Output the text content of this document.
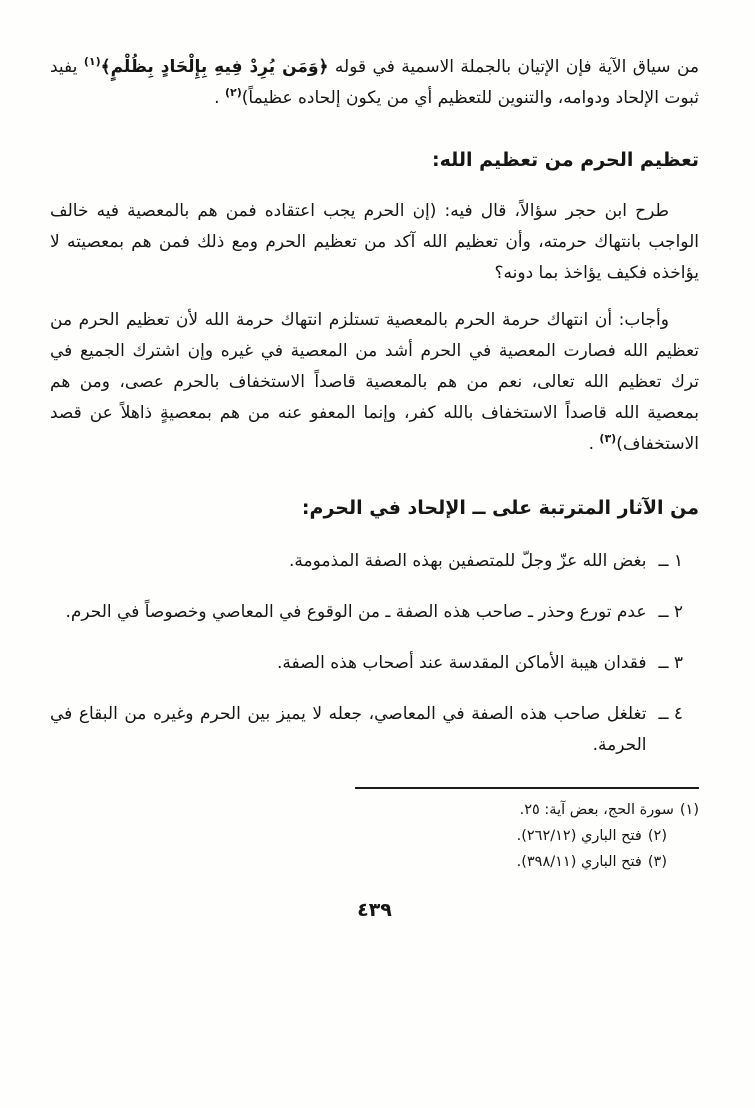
من سياق الآية فإن الإتيان بالجملة الاسمية في قوله ﴿وَمَن يُرِدْ فِيهِ بِإِلْحَادٍ بِظُلْمٍ﴾$^{(١)}$ يفيد ثبوت الإلحاد ودوامه، والتنوين للتعظيم أي من يكون إلحاده عظيماً)$^{(٢)}$ .

تعظيم الحرم من تعظيم الله:

طرح ابن حجر سؤالاً، قال فيه: (إن الحرم يجب اعتقاده فمن هم بالمعصية فيه خالف الواجب بانتهاك حرمته، وأن تعظيم الله آكد من تعظيم الحرم ومع ذلك فمن هم بمعصيته لا يؤاخذه فكيف يؤاخذ بما دونه؟

وأجاب: أن انتهاك حرمة الحرم بالمعصية تستلزم انتهاك حرمة الله لأن تعظيم الحرم من تعظيم الله فصارت المعصية في الحرم أشد من المعصية في غيره وإن اشترك الجميع في ترك تعظيم الله تعالى، نعم من هم بالمعصية قاصداً الاستخفاف بالحرم عصى، ومن هم بمعصية الله قاصداً الاستخفاف بالله كفر، وإنما المعفو عنه من هم بمعصيةٍ ذاهلاً عن قصد الاستخفاف)$^{(٣)}$ .

من الآثار المترتبة على ــ الإلحاد في الحرم:
١ ــ

بغض الله عزّ وجلّ للمتصفين بهذه الصفة المذمومة.

٢ ــ

عدم تورع وحذر ـ صاحب هذه الصفة ـ من الوقوع في المعاصي وخصوصاً في الحرم.

٣ ــ

فقدان هيبة الأماكن المقدسة عند أصحاب هذه الصفة.

٤ ــ

تغلغل صاحب هذه الصفة في المعاصي، جعله لا يميز بين الحرم وغيره من البقاع في الحرمة.

(١)سورة الحج، بعض آية: ٢٥.
(٢)فتح الباري (٢٦٢/١٢).
(٣)فتح الباري (٣٩٨/١١).
٤٣٩
